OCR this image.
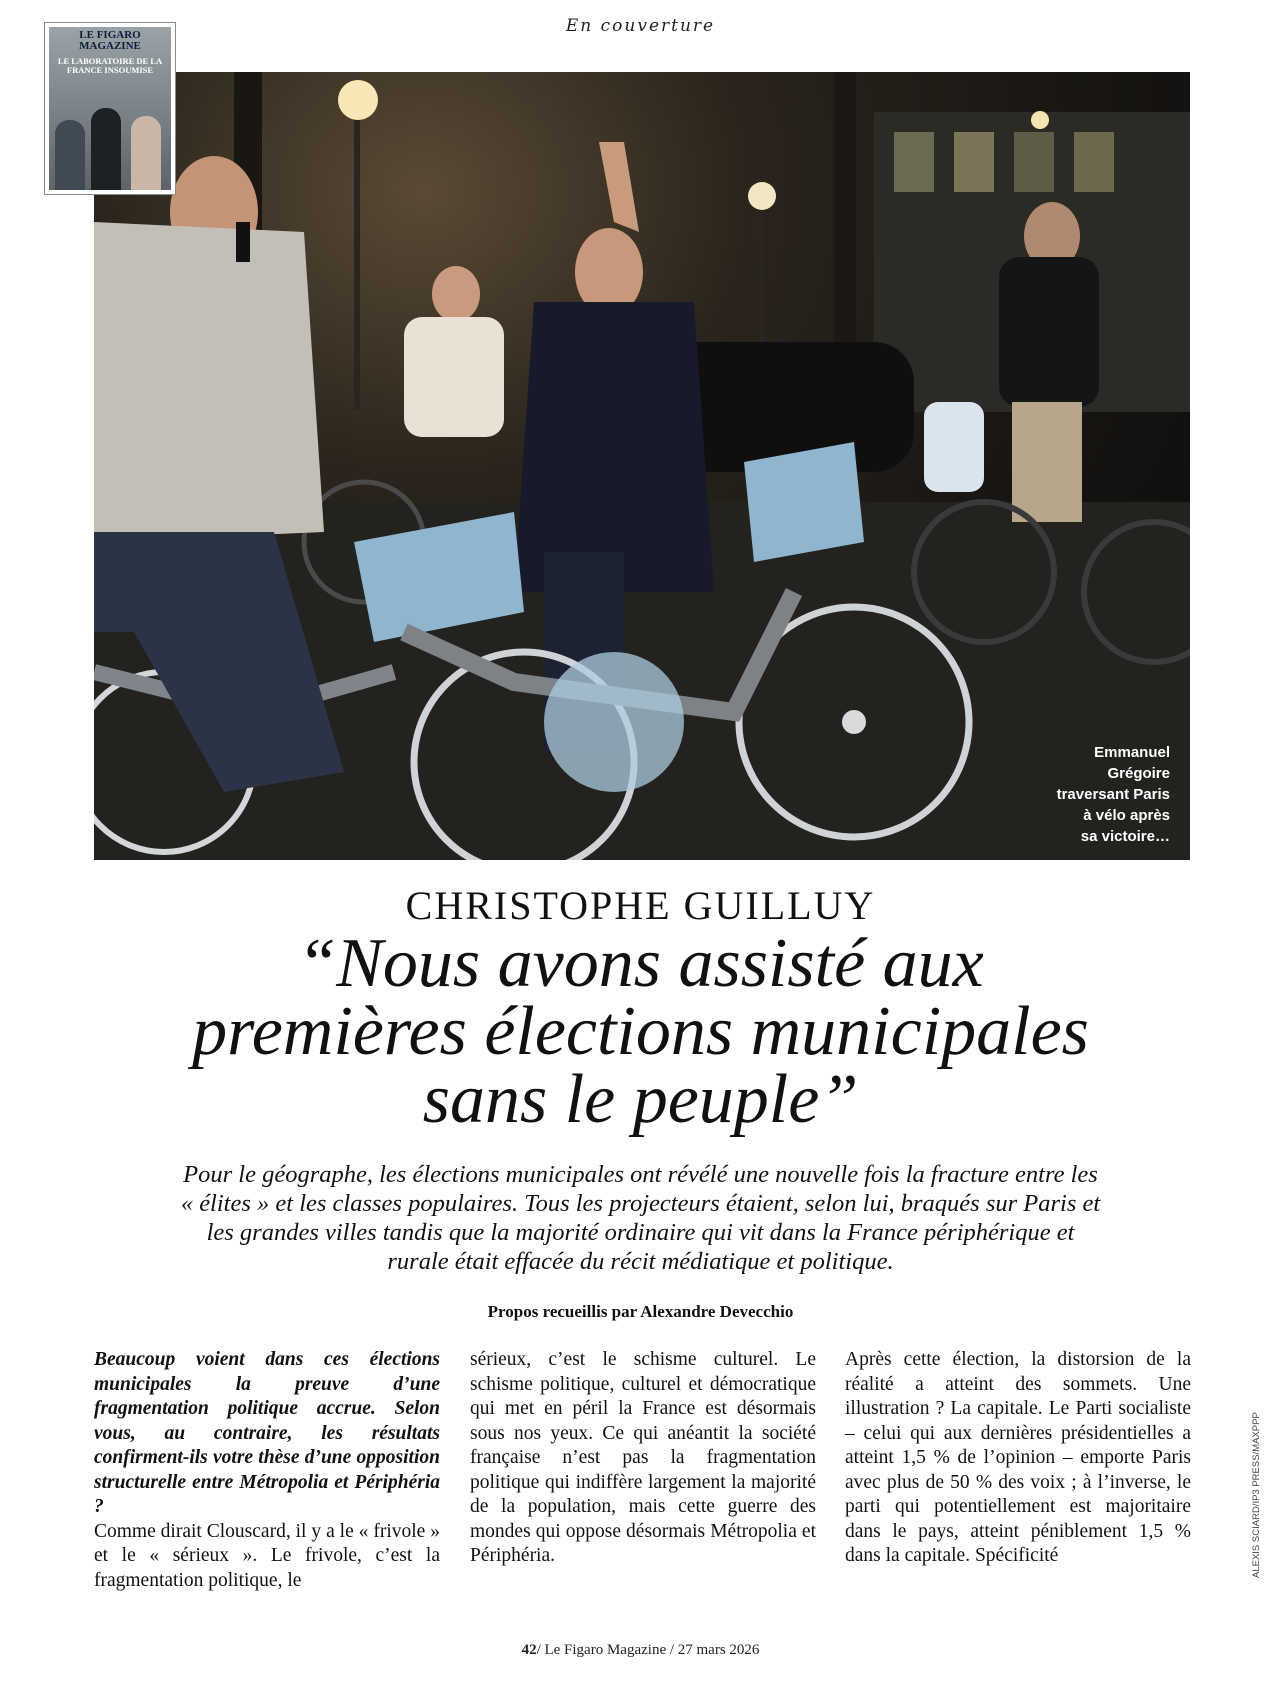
En couverture
LE FIGARO MAGAZINE
LE LABORATOIRE DE LA FRANCE INSOUMISE
Emmanuel
Grégoire
traversant Paris
à vélo après
sa victoire…
CHRISTOPHE GUILLUY
“Nous avons assisté aux
premières élections municipales
sans le peuple”
Pour le géographe, les élections municipales ont révélé une nouvelle fois la fracture entre les
« élites » et les classes populaires. Tous les projecteurs étaient, selon lui, braqués sur Paris et
les grandes villes tandis que la majorité ordinaire qui vit dans la France périphérique et
rurale était effacée du récit médiatique et politique.
Propos recueillis par Alexandre Devecchio

Beaucoup voient dans ces élections municipales la preuve d’une fragmentation politique accrue. Selon vous, au contraire, les résultats confirment-ils votre thèse d’une opposition structurelle entre Métropolia et Périphéria ?

Comme dirait Clouscard, il y a le « frivole » et le « sérieux ». Le frivole, c’est la fragmentation politique, le

sérieux, c’est le schisme culturel. Le schisme politique, culturel et démocratique qui met en péril la France est désormais sous nos yeux. Ce qui anéantit la société française n’est pas la fragmentation politique qui indiffère largement la majorité de la population, mais cette guerre des mondes qui oppose désormais Métropolia et Périphéria.

Après cette élection, la distorsion de la réalité a atteint des sommets. Une illustration ? La capitale. Le Parti socialiste – celui qui aux dernières présidentielles a atteint 1,5 % de l’opinion – emporte Paris avec plus de 50 % des voix ; à l’inverse, le parti qui potentiellement est majoritaire dans le pays, atteint péniblement 1,5 % dans la capitale. Spécificité	ALEXIS SCIARD/IP3 PRESS/MAXPPP
42/ Le Figaro Magazine / 27 mars 2026
